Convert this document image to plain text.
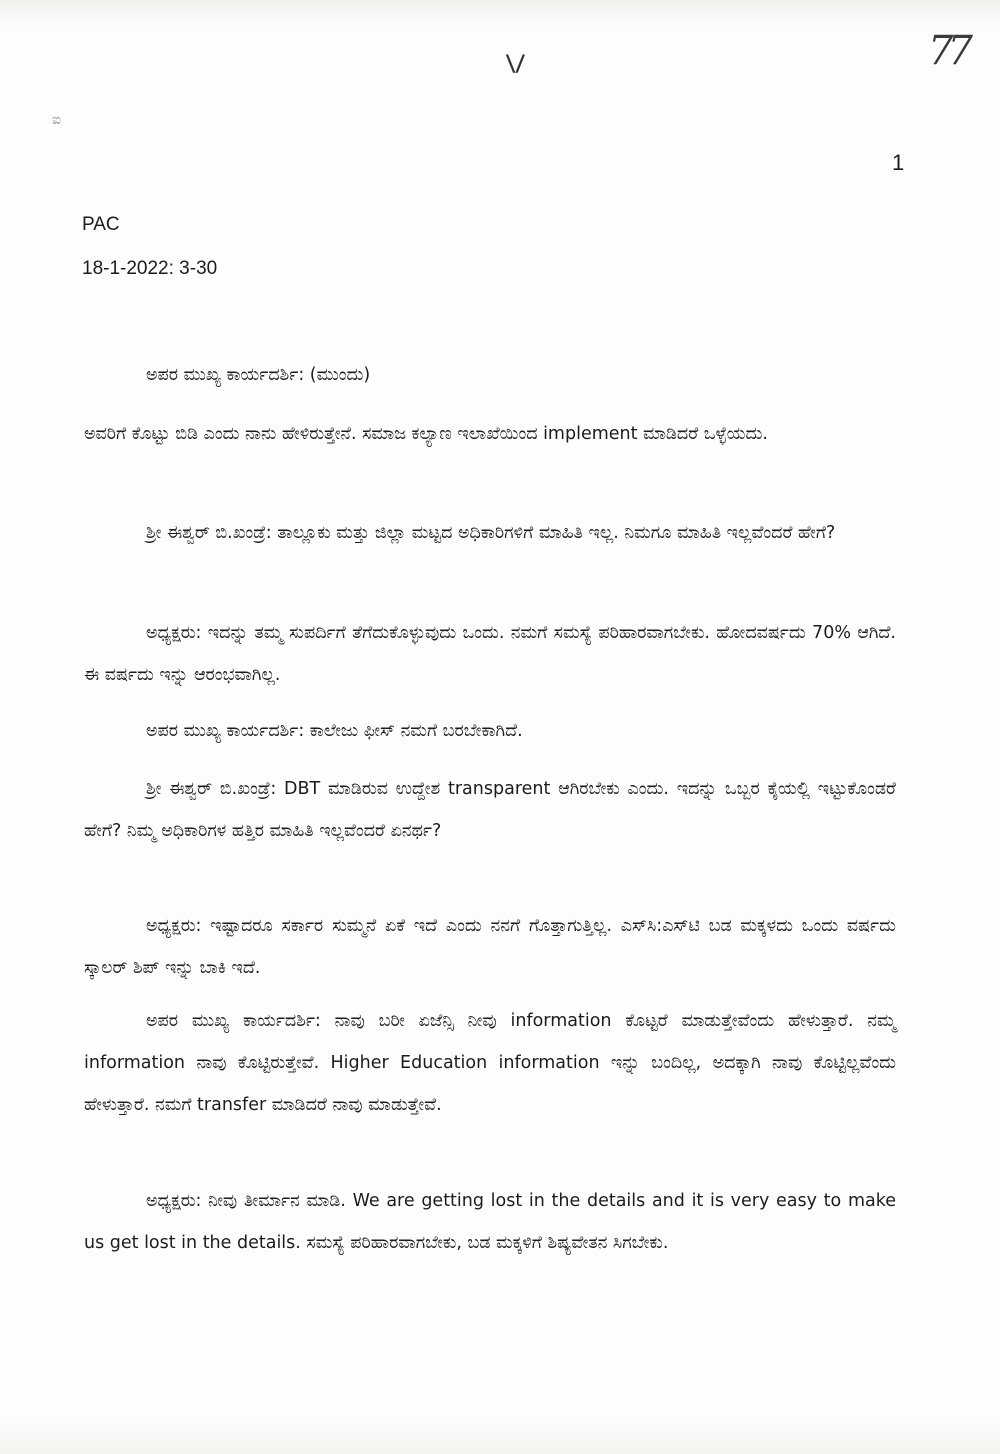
\/	77
ಐ
1
PAC
18-1-2022: 3-30
ಅಪರ ಮುಖ್ಯ ಕಾರ್ಯದರ್ಶಿ: (ಮುಂದು)
ಅವರಿಗೆ ಕೊಟ್ಟು ಬಿಡಿ ಎಂದು ನಾನು ಹೇಳಿರುತ್ತೇನೆ. ಸಮಾಜ ಕಲ್ಯಾಣ ಇಲಾಖೆಯಿಂದ implement ಮಾಡಿದರೆ ಒಳ್ಳೆಯದು.
ಶ್ರೀ ಈಶ್ವರ್ ಬಿ.ಖಂಡ್ರೆ: ತಾಲ್ಲೂಕು ಮತ್ತು ಜಿಲ್ಲಾ ಮಟ್ಟದ ಅಧಿಕಾರಿಗಳಿಗೆ ಮಾಹಿತಿ ಇಲ್ಲ. ನಿಮಗೂ ಮಾಹಿತಿ ಇಲ್ಲವೆಂದರೆ ಹೇಗೆ?
ಅಧ್ಯಕ್ಷರು: ಇದನ್ನು ತಮ್ಮ ಸುಪರ್ದಿಗೆ ತೆಗೆದುಕೊಳ್ಳುವುದು ಒಂದು. ನಮಗೆ ಸಮಸ್ಯೆ ಪರಿಹಾರವಾಗಬೇಕು. ಹೋದವರ್ಷದು 70% ಆಗಿದೆ. ಈ ವರ್ಷದು ಇನ್ನು ಆರಂಭವಾಗಿಲ್ಲ.
ಅಪರ ಮುಖ್ಯ ಕಾರ್ಯದರ್ಶಿ: ಕಾಲೇಜು ಫೀಸ್ ನಮಗೆ ಬರಬೇಕಾಗಿದೆ.
ಶ್ರೀ ಈಶ್ವರ್ ಬಿ.ಖಂಡ್ರೆ: DBT ಮಾಡಿರುವ ಉದ್ದೇಶ transparent ಆಗಿರಬೇಕು ಎಂದು. ಇದನ್ನು ಒಬ್ಬರ ಕೈಯಲ್ಲಿ ಇಟ್ಟುಕೊಂಡರೆ ಹೇಗೆ? ನಿಮ್ಮ ಅಧಿಕಾರಿಗಳ ಹತ್ತಿರ ಮಾಹಿತಿ ಇಲ್ಲವೆಂದರೆ ಏನರ್ಥ?
ಅಧ್ಯಕ್ಷರು: ಇಷ್ಟಾದರೂ ಸರ್ಕಾರ ಸುಮ್ಮನೆ ಏಕೆ ಇದೆ ಎಂದು ನನಗೆ ಗೊತ್ತಾಗುತ್ತಿಲ್ಲ. ಎಸ್‌ಸಿ:ಎಸ್‌ಟಿ ಬಡ ಮಕ್ಕಳದು ಒಂದು ವರ್ಷದು ಸ್ಕಾಲರ್ ಶಿಪ್ ಇನ್ನು ಬಾಕಿ ಇದೆ.
ಅಪರ ಮುಖ್ಯ ಕಾರ್ಯದರ್ಶಿ: ನಾವು ಬರೀ ಏಜೆನ್ಸಿ ನೀವು information ಕೊಟ್ಟರೆ ಮಾಡುತ್ತೇವೆಂದು ಹೇಳುತ್ತಾರೆ. ನಮ್ಮ information ನಾವು ಕೊಟ್ಟಿರುತ್ತೇವೆ. Higher Education information ಇನ್ನು ಬಂದಿಲ್ಲ, ಅದಕ್ಕಾಗಿ ನಾವು ಕೊಟ್ಟಿಲ್ಲವೆಂದು ಹೇಳುತ್ತಾರೆ. ನಮಗೆ transfer ಮಾಡಿದರೆ ನಾವು ಮಾಡುತ್ತೇವೆ.
ಅಧ್ಯಕ್ಷರು: ನೀವು ತೀರ್ಮಾನ ಮಾಡಿ. We are getting lost in the details and it is very easy to make us get lost in the details. ಸಮಸ್ಯೆ ಪರಿಹಾರವಾಗಬೇಕು, ಬಡ ಮಕ್ಕಳಿಗೆ ಶಿಷ್ಯವೇತನ ಸಿಗಬೇಕು.
